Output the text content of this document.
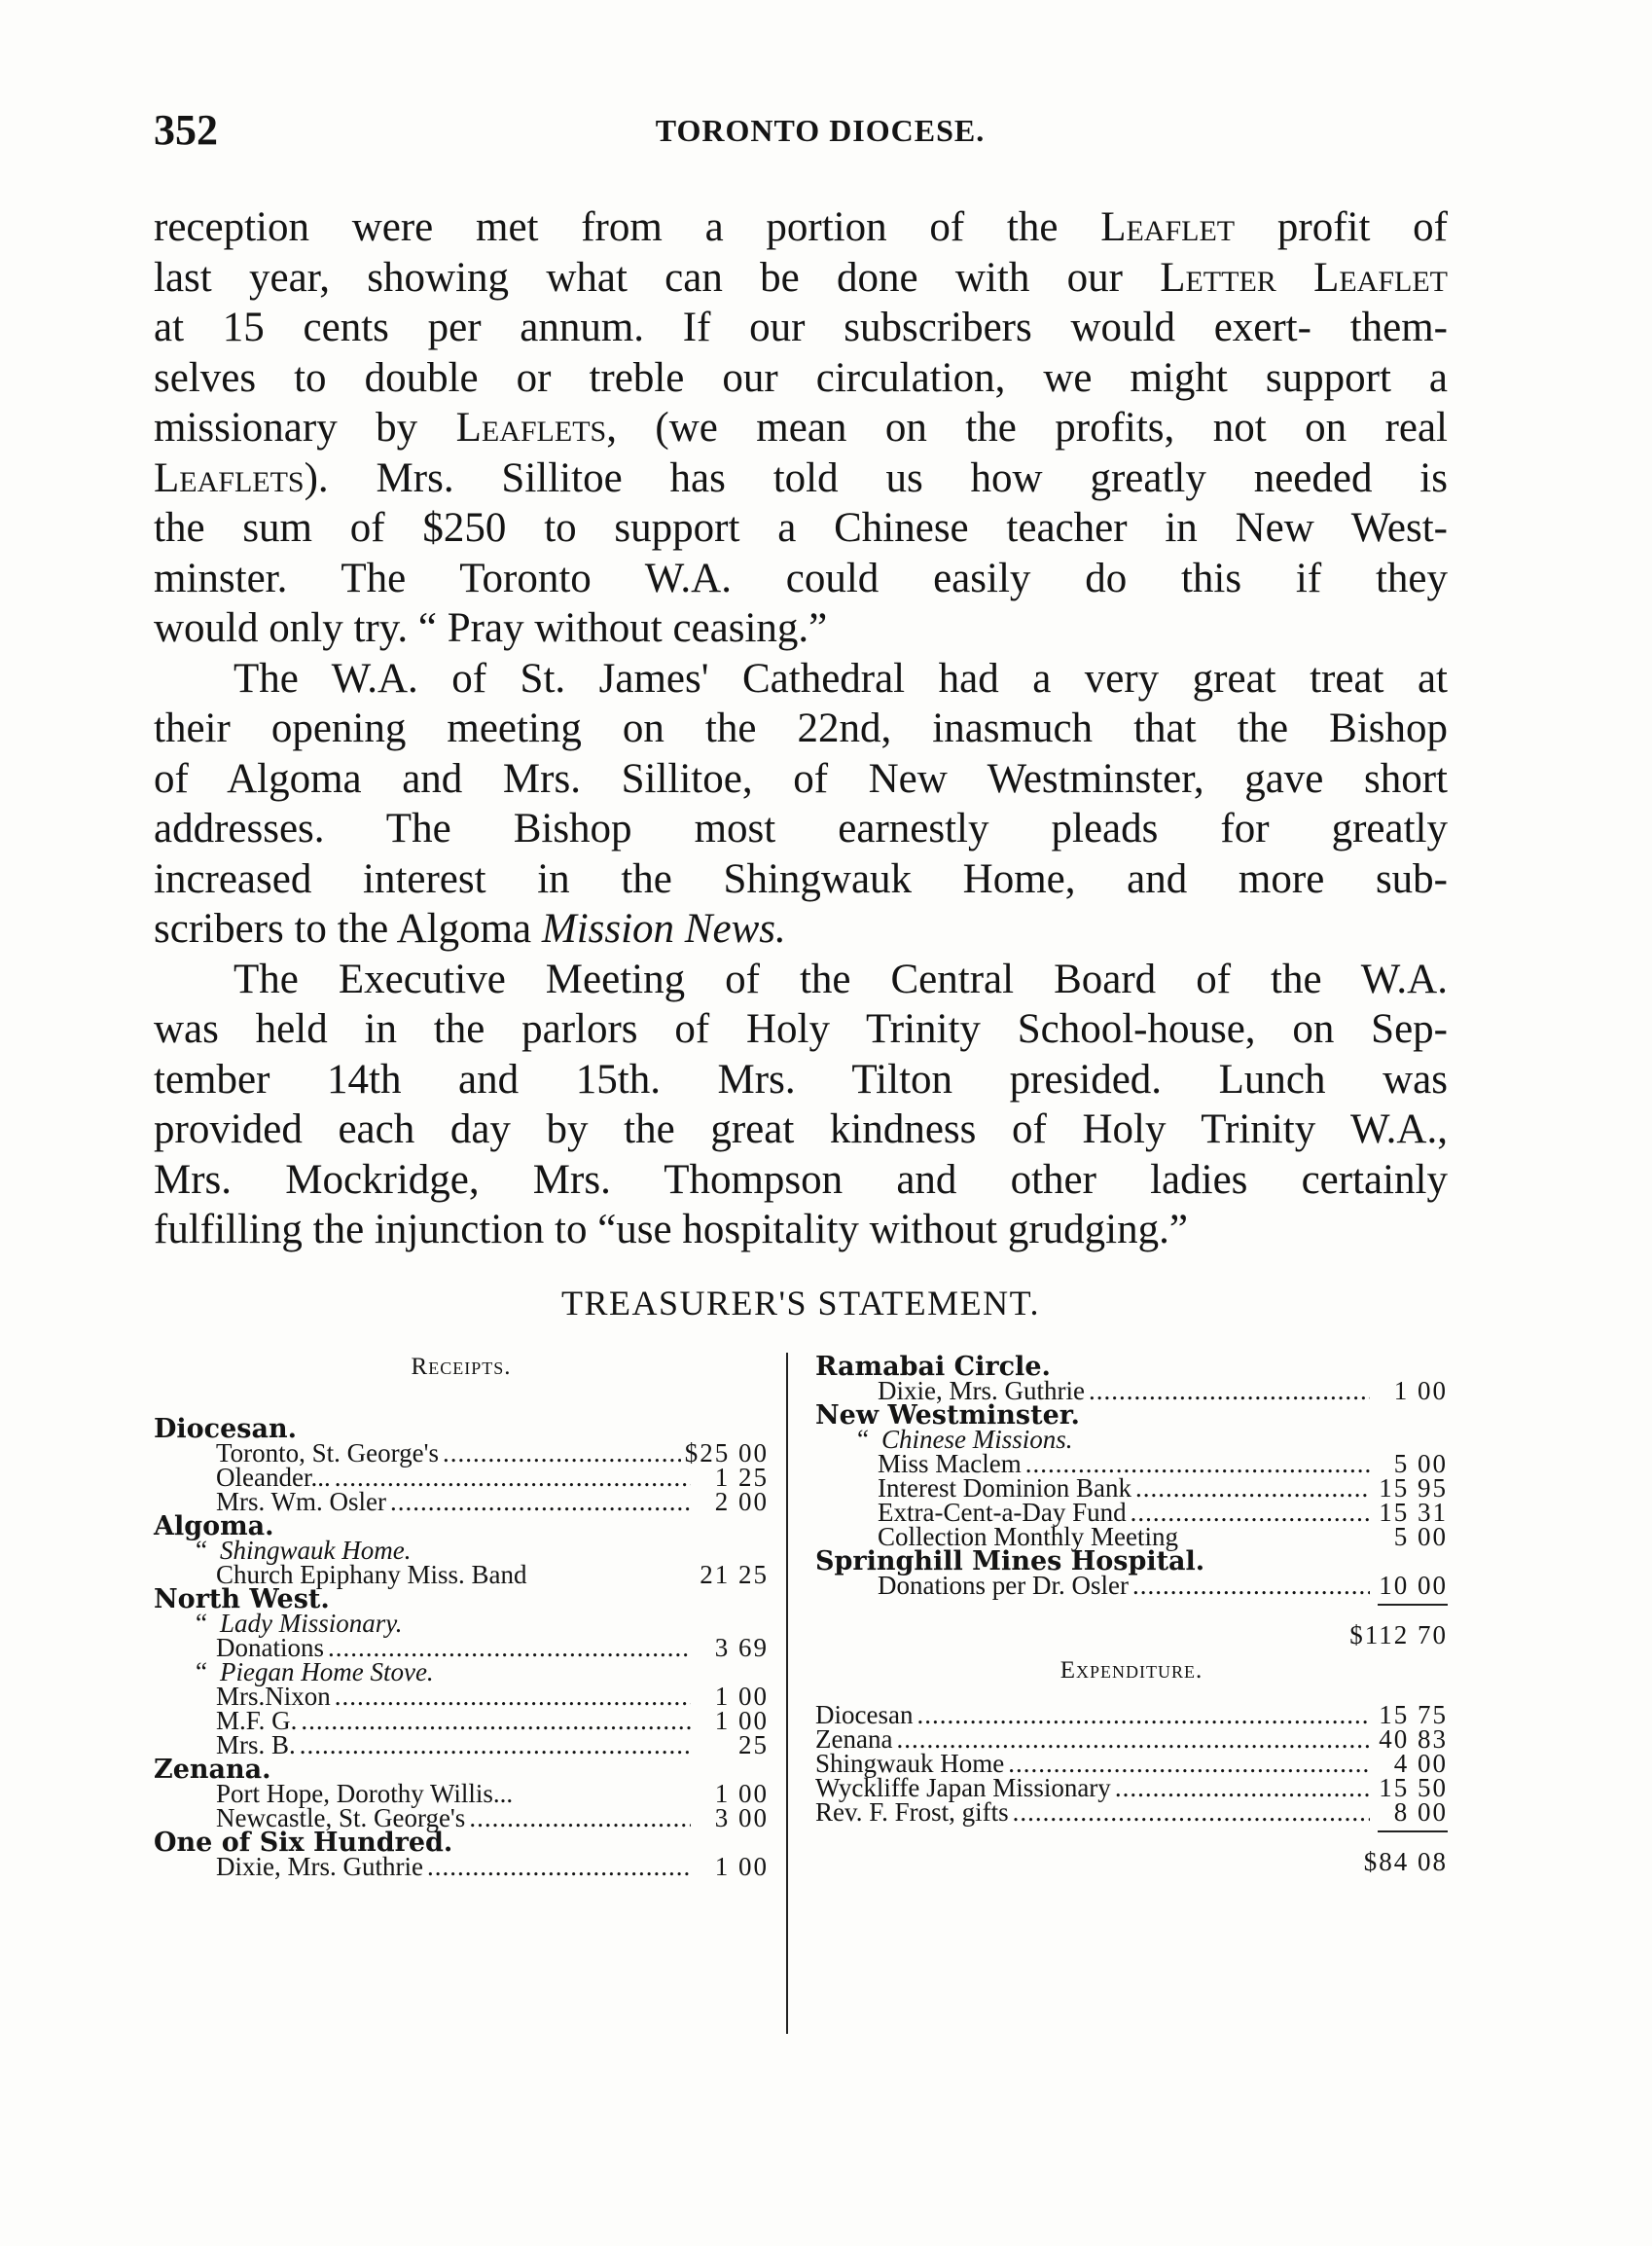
352	TORONTO DIOCESE.

reception were met from a portion of the Leaflet profit of

last year, showing what can be done with our Letter Leaflet

at 15 cents per annum. If our subscribers would exert- them-

selves to double or treble our circulation, we might support a

missionary by Leaflets, (we mean on the profits, not on real

Leaflets). Mrs. Sillitoe has told us how greatly needed is

the sum of $250 to support a Chinese teacher in New West-

minster. The Toronto W.A. could easily do this if they

would only try. “ Pray without ceasing.”

The W.A. of St. James' Cathedral had a very great treat at

their opening meeting on the 22nd, inasmuch that the Bishop

of Algoma and Mrs. Sillitoe, of New Westminster, gave short

addresses. The Bishop most earnestly pleads for greatly

increased interest in the Shingwauk Home, and more sub-

scribers to the Algoma Mission News.

The Executive Meeting of the Central Board of the W.A.

was held in the parlors of Holy Trinity School-house, on Sep-

tember 14th and 15th. Mrs. Tilton presided. Lunch was

provided each day by the great kindness of Holy Trinity W.A.,

Mrs. Mockridge, Mrs. Thompson and other ladies certainly

fulfilling the injunction to “use hospitality without grudging.”

TREASURER'S STATEMENT.
Receipts.
Diocesan.
Toronto, St. George's .....	$25 00
Oleander... .....	1 25
Mrs. Wm. Osler .....	2 00
Algoma.
“ Shingwauk Home.
Church Epiphany Miss. Band	21 25
North West.
“ Lady Missionary.
Donations .....	3 69
“ Piegan Home Stove.
Mrs.Nixon .....	1 00
M.F. G. .....	1 00
Mrs. B. .....	25
Zenana.
Port Hope, Dorothy Willis...	1 00
Newcastle, St. George's .....	3 00
One of Six Hundred.
Dixie, Mrs. Guthrie .....	1 00
Ramabai Circle.
Dixie, Mrs. Guthrie .....	1 00
New Westminster.
“ Chinese Missions.
Miss Maclem .....	5 00
Interest Dominion Bank .....	15 95
Extra-Cent-a-Day Fund .....	15 31
Collection Monthly Meeting	5 00
Springhill Mines Hospital.
Donations per Dr. Osler .....	10 00
$112 70
Expenditure.
Diocesan .....	15 75
Zenana .....	40 83
Shingwauk Home .....	4 00
Wyckliffe Japan Missionary .....	15 50
Rev. F. Frost, gifts .....	8 00
$84 08
